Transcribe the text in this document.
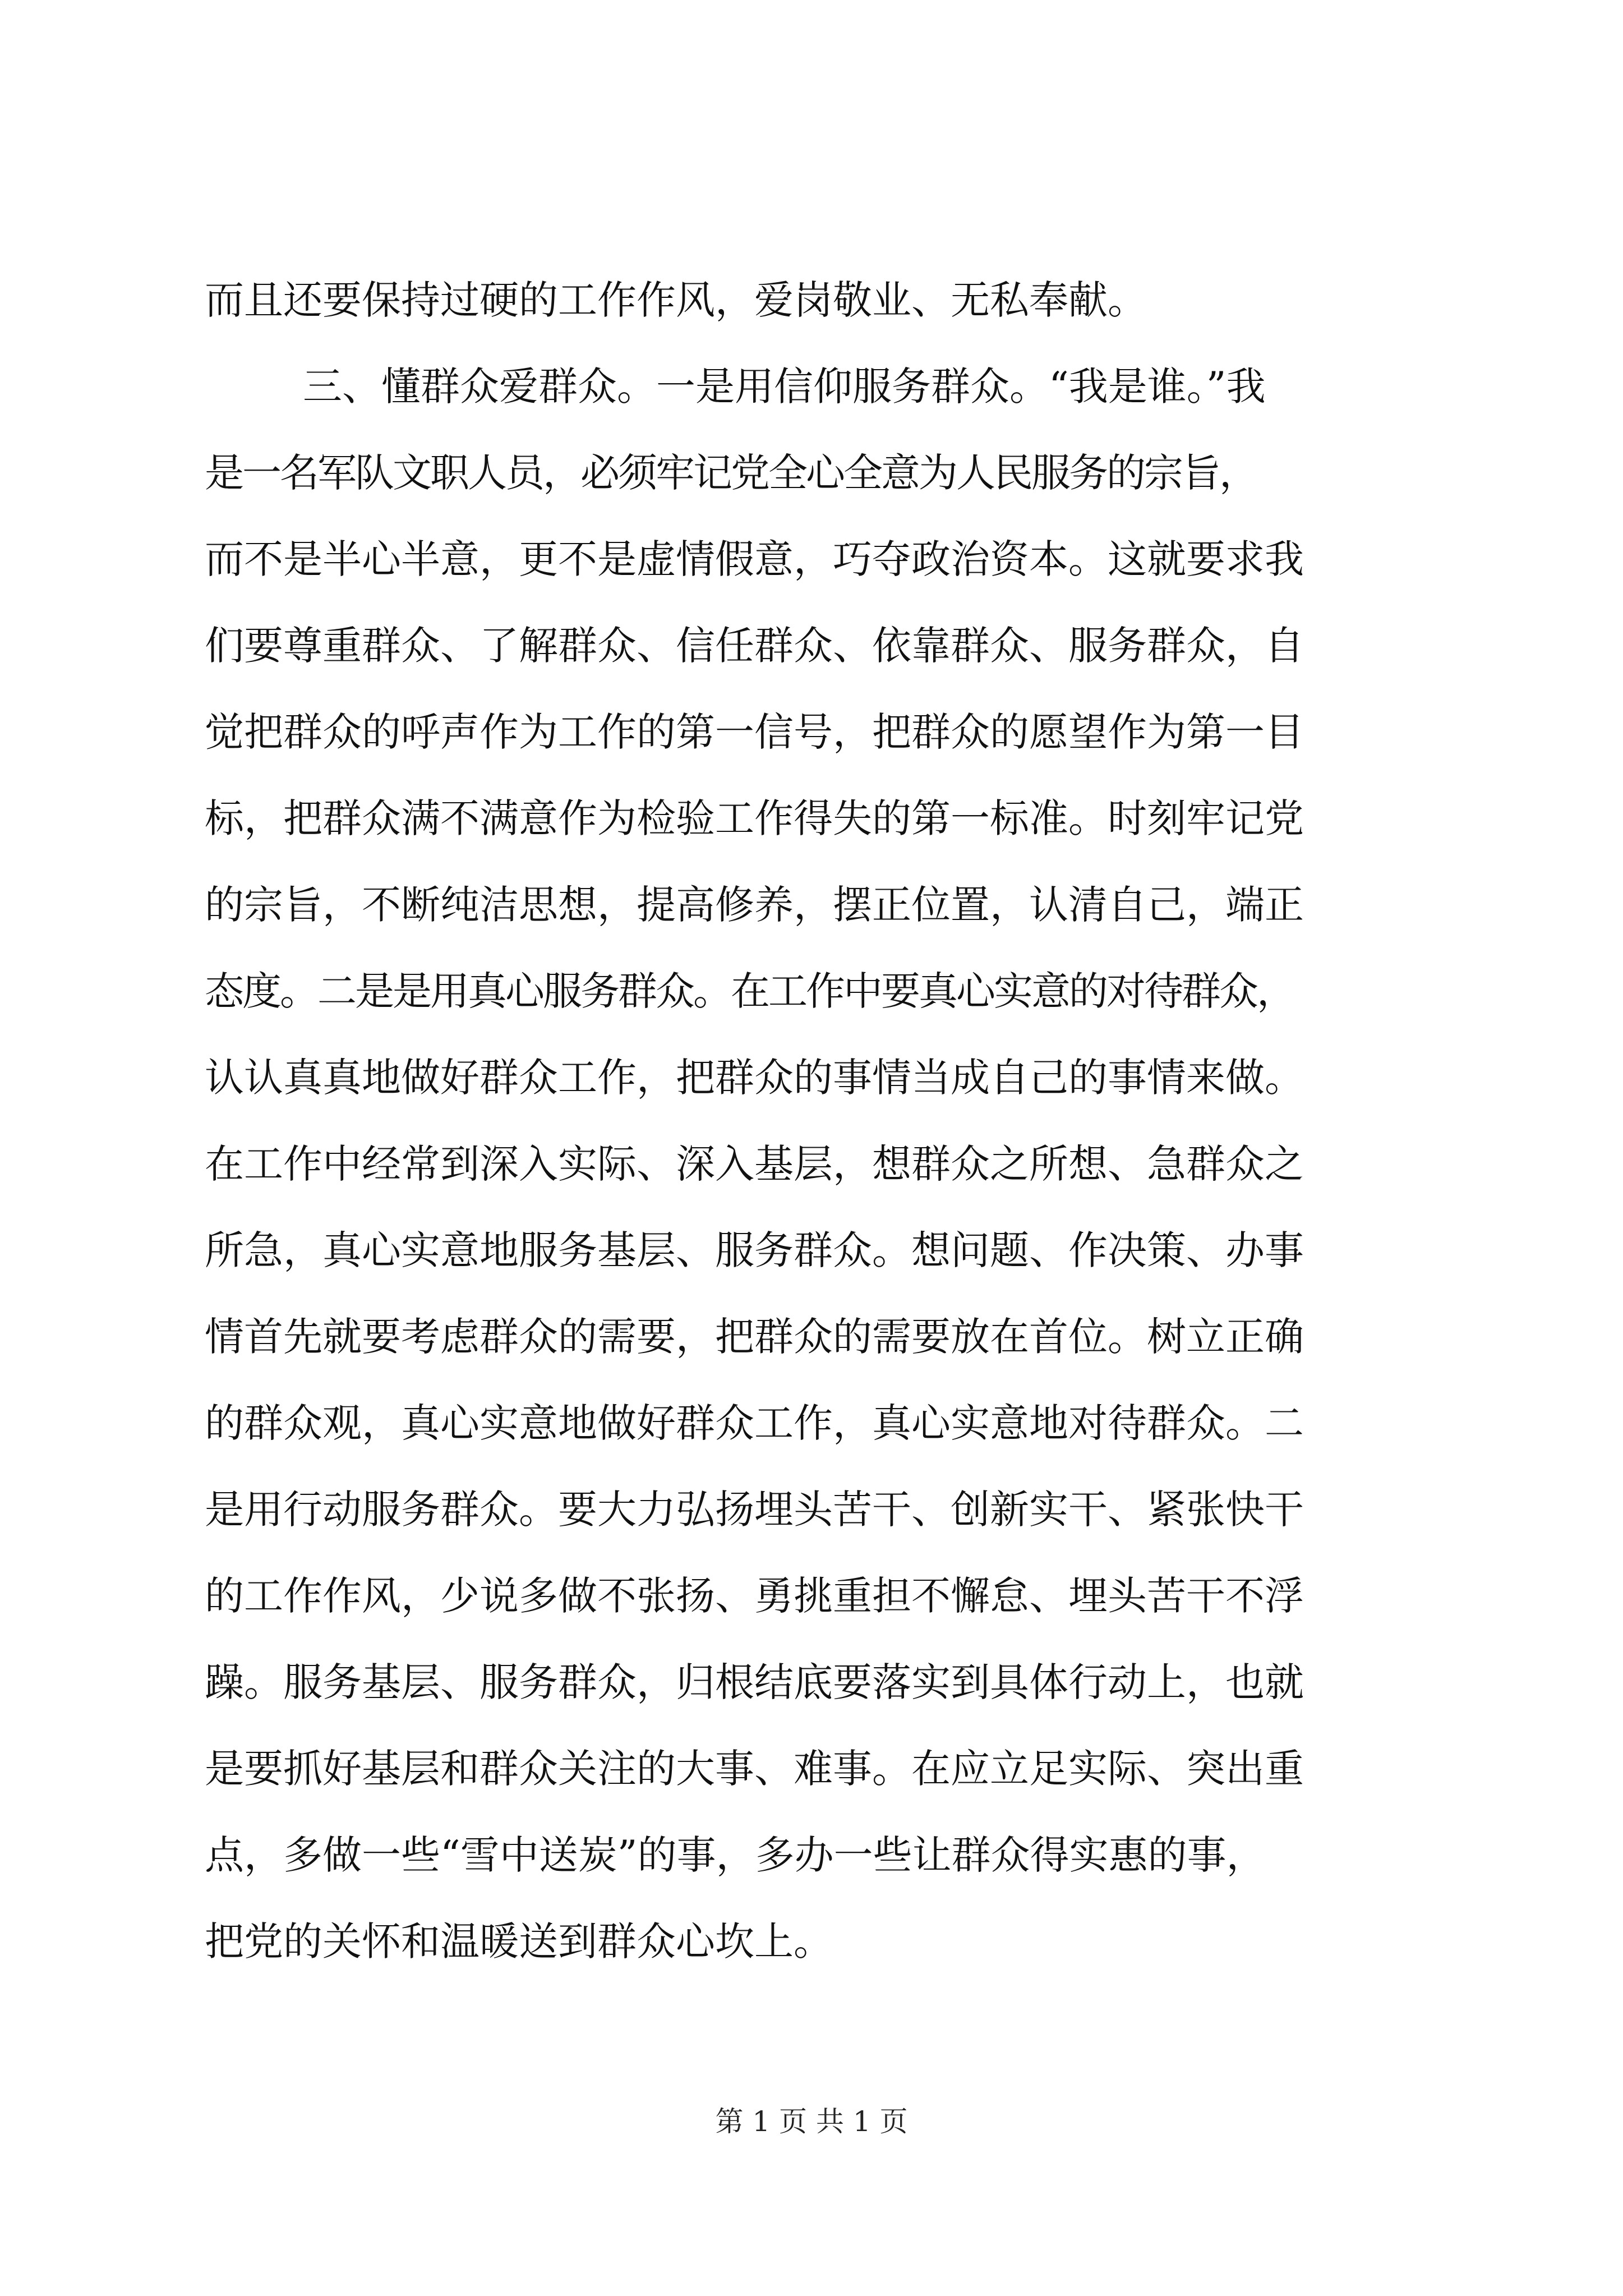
而且还要保持过硬的工作作风，爱岗敬业、无私奉献。
三、懂群众爱群众。一是用信仰服务群众。“我是谁。”我
是一名军队文职人员，必须牢记党全心全意为人民服务的宗旨，
而不是半心半意，更不是虚情假意，巧夺政治资本。这就要求我
们要尊重群众、了解群众、信任群众、依靠群众、服务群众，自
觉把群众的呼声作为工作的第一信号，把群众的愿望作为第一目
标，把群众满不满意作为检验工作得失的第一标准。时刻牢记党
的宗旨，不断纯洁思想，提高修养，摆正位置，认清自己，端正
态度。二是是用真心服务群众。在工作中要真心实意的对待群众，
认认真真地做好群众工作，把群众的事情当成自己的事情来做。
在工作中经常到深入实际、深入基层，想群众之所想、急群众之
所急，真心实意地服务基层、服务群众。想问题、作决策、办事
情首先就要考虑群众的需要，把群众的需要放在首位。树立正确
的群众观，真心实意地做好群众工作，真心实意地对待群众。二
是用行动服务群众。要大力弘扬埋头苦干、创新实干、紧张快干
的工作作风，少说多做不张扬、勇挑重担不懈怠、埋头苦干不浮
躁。服务基层、服务群众，归根结底要落实到具体行动上，也就
是要抓好基层和群众关注的大事、难事。在应立足实际、突出重
点，多做一些“雪中送炭”的事，多办一些让群众得实惠的事，
把党的关怀和温暖送到群众心坎上。
第 1 页 共 1 页
